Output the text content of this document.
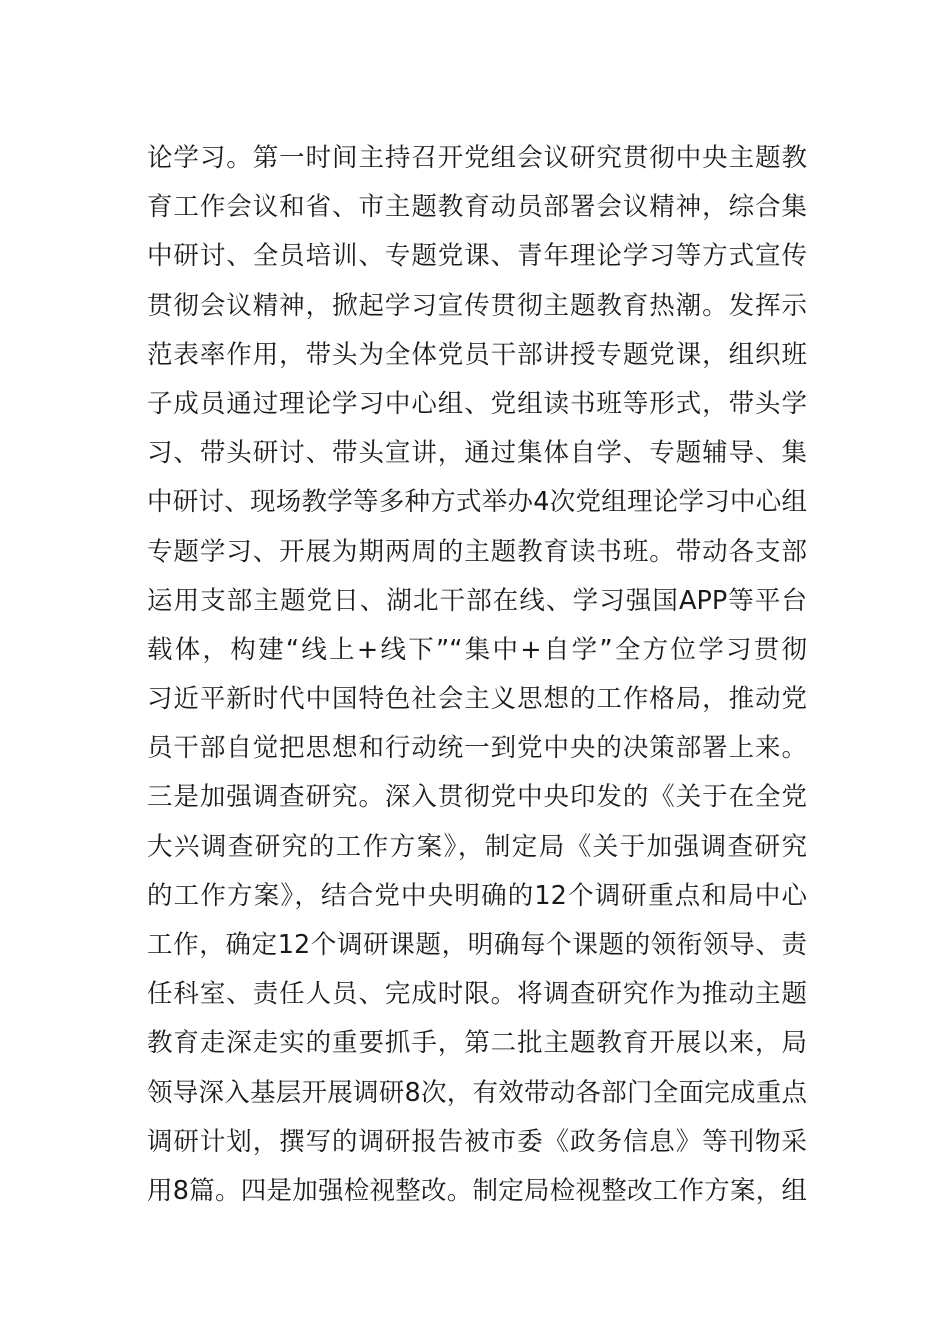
论学习。第一时间主持召开党组会议研究贯彻中央主题教
育工作会议和省、市主题教育动员部署会议精神，综合集
中研讨、全员培训、专题党课、青年理论学习等方式宣传
贯彻会议精神，掀起学习宣传贯彻主题教育热潮。发挥示
范表率作用，带头为全体党员干部讲授专题党课，组织班
子成员通过理论学习中心组、党组读书班等形式，带头学
习、带头研讨、带头宣讲，通过集体自学、专题辅导、集
中研讨、现场教学等多种方式举办4次党组理论学习中心组
专题学习、开展为期两周的主题教育读书班。带动各支部
运用支部主题党日、湖北干部在线、学习强国APP等平台
载体，构建“线上+线下”“集中+自学”全方位学习贯彻
习近平新时代中国特色社会主义思想的工作格局，推动党
员干部自觉把思想和行动统一到党中央的决策部署上来。
三是加强调查研究。深入贯彻党中央印发的《关于在全党
大兴调查研究的工作方案》，制定局《关于加强调查研究
的工作方案》，结合党中央明确的12个调研重点和局中心
工作，确定12个调研课题，明确每个课题的领衔领导、责
任科室、责任人员、完成时限。将调查研究作为推动主题
教育走深走实的重要抓手，第二批主题教育开展以来，局
领导深入基层开展调研8次，有效带动各部门全面完成重点
调研计划，撰写的调研报告被市委《政务信息》等刊物采
用8篇。四是加强检视整改。制定局检视整改工作方案，组
